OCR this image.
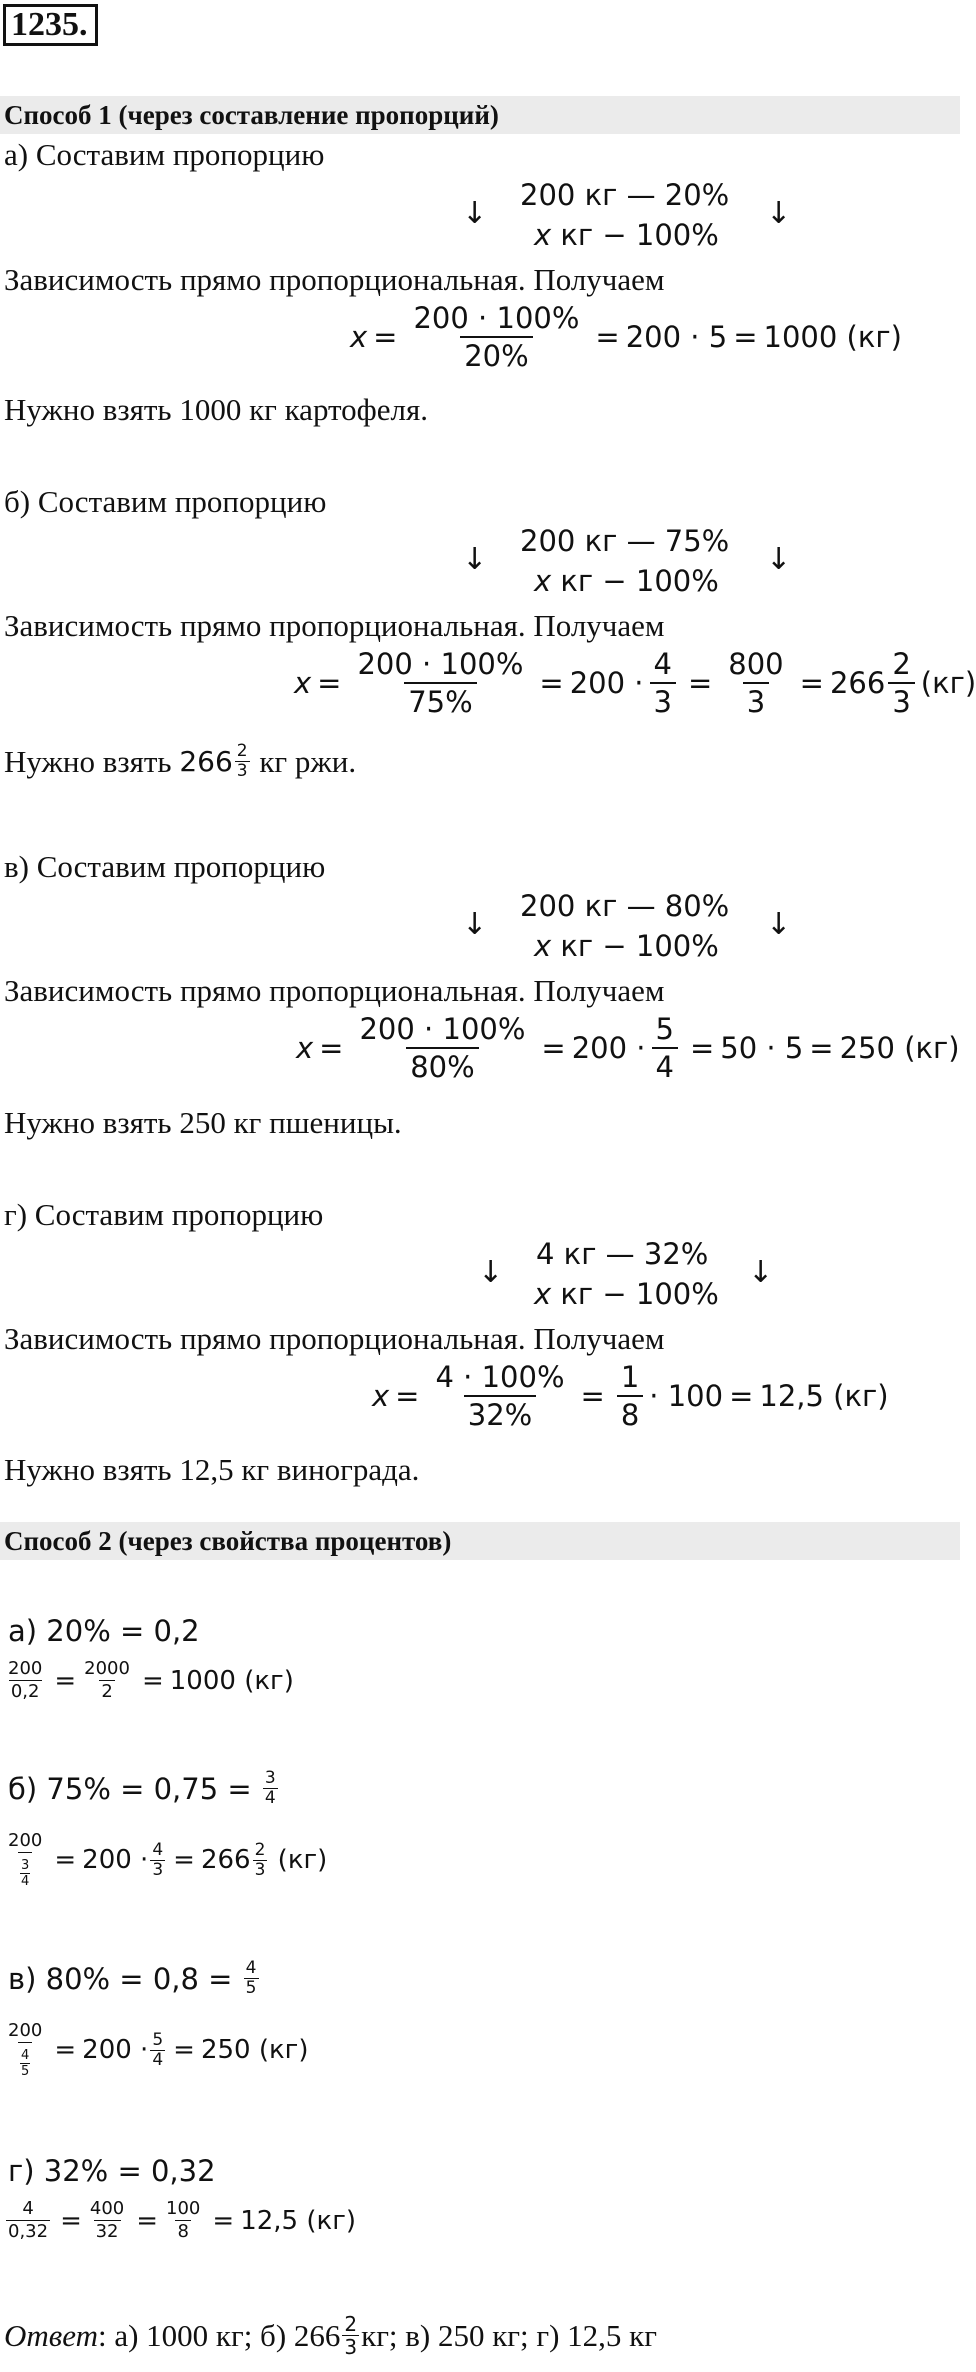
1235.
Способ 1 (через составление пропорций)
а) Составим пропорцию
↓	↓
200 кг — 20%
x кг − 100%
Зависимость прямо пропорциональная. Получаем
$x = \frac{200 \cdot 100\%}{20\%} = 200 \cdot 5 = 1000$
(кг)
Нужно взять 1000 кг картофеля.
б) Составим пропорцию
↓	↓
200 кг — 75%
x кг − 100%
Зависимость прямо пропорциональная. Получаем
$x = \frac{200 \cdot 100\%}{75\%} = 200 \cdot \frac{4}{3} = \frac{800}{3} = 266 \frac{2}{3} (кг)$
Нужно взять
266 2
3
кг ржи.
в) Составим пропорцию
↓	↓
200 кг — 80%
x кг − 100%
Зависимость прямо пропорциональная. Получаем
$x = \frac{200 \cdot 100\%}{80\%} = 200 \cdot \frac{5}{4} = 50 \cdot 5 = 250$
(кг)
Нужно взять 250 кг пшеницы.
г) Составим пропорцию
↓	↓
4 кг — 32%
x кг − 100%
Зависимость прямо пропорциональная. Получаем
$x = \frac{4 \cdot 100\%}{32\%} = \frac{1}{8} \cdot 100 = 12,5$
(кг)
Нужно взять 12,5 кг винограда.
Способ 2 (через свойства процентов)
а) 20% = 0,2
$\frac{200}{0,2} = \frac{2000}{2} = 1000$ (кг)
б) 75% = 0,75 =
$\frac{3}{4}$
$\frac{200}{\frac{3}{4}} = 200 \cdot \frac{4}{3} = 266$ 2
3
(кг)
в) 80% = 0,8 =
$\frac{4}{5}$
$\frac{200}{\frac{4}{5}} = 200 \cdot \frac{5}{4} = 250$ (кг)
г) 32% = 0,32
$\frac{4}{0,32} = \frac{400}{32} = \frac{100}{8} = 12,5$ (кг)
Ответ : а) 1000 кг; б) 266 2
3 кг; в) 250 кг; г) 12,5 кг
